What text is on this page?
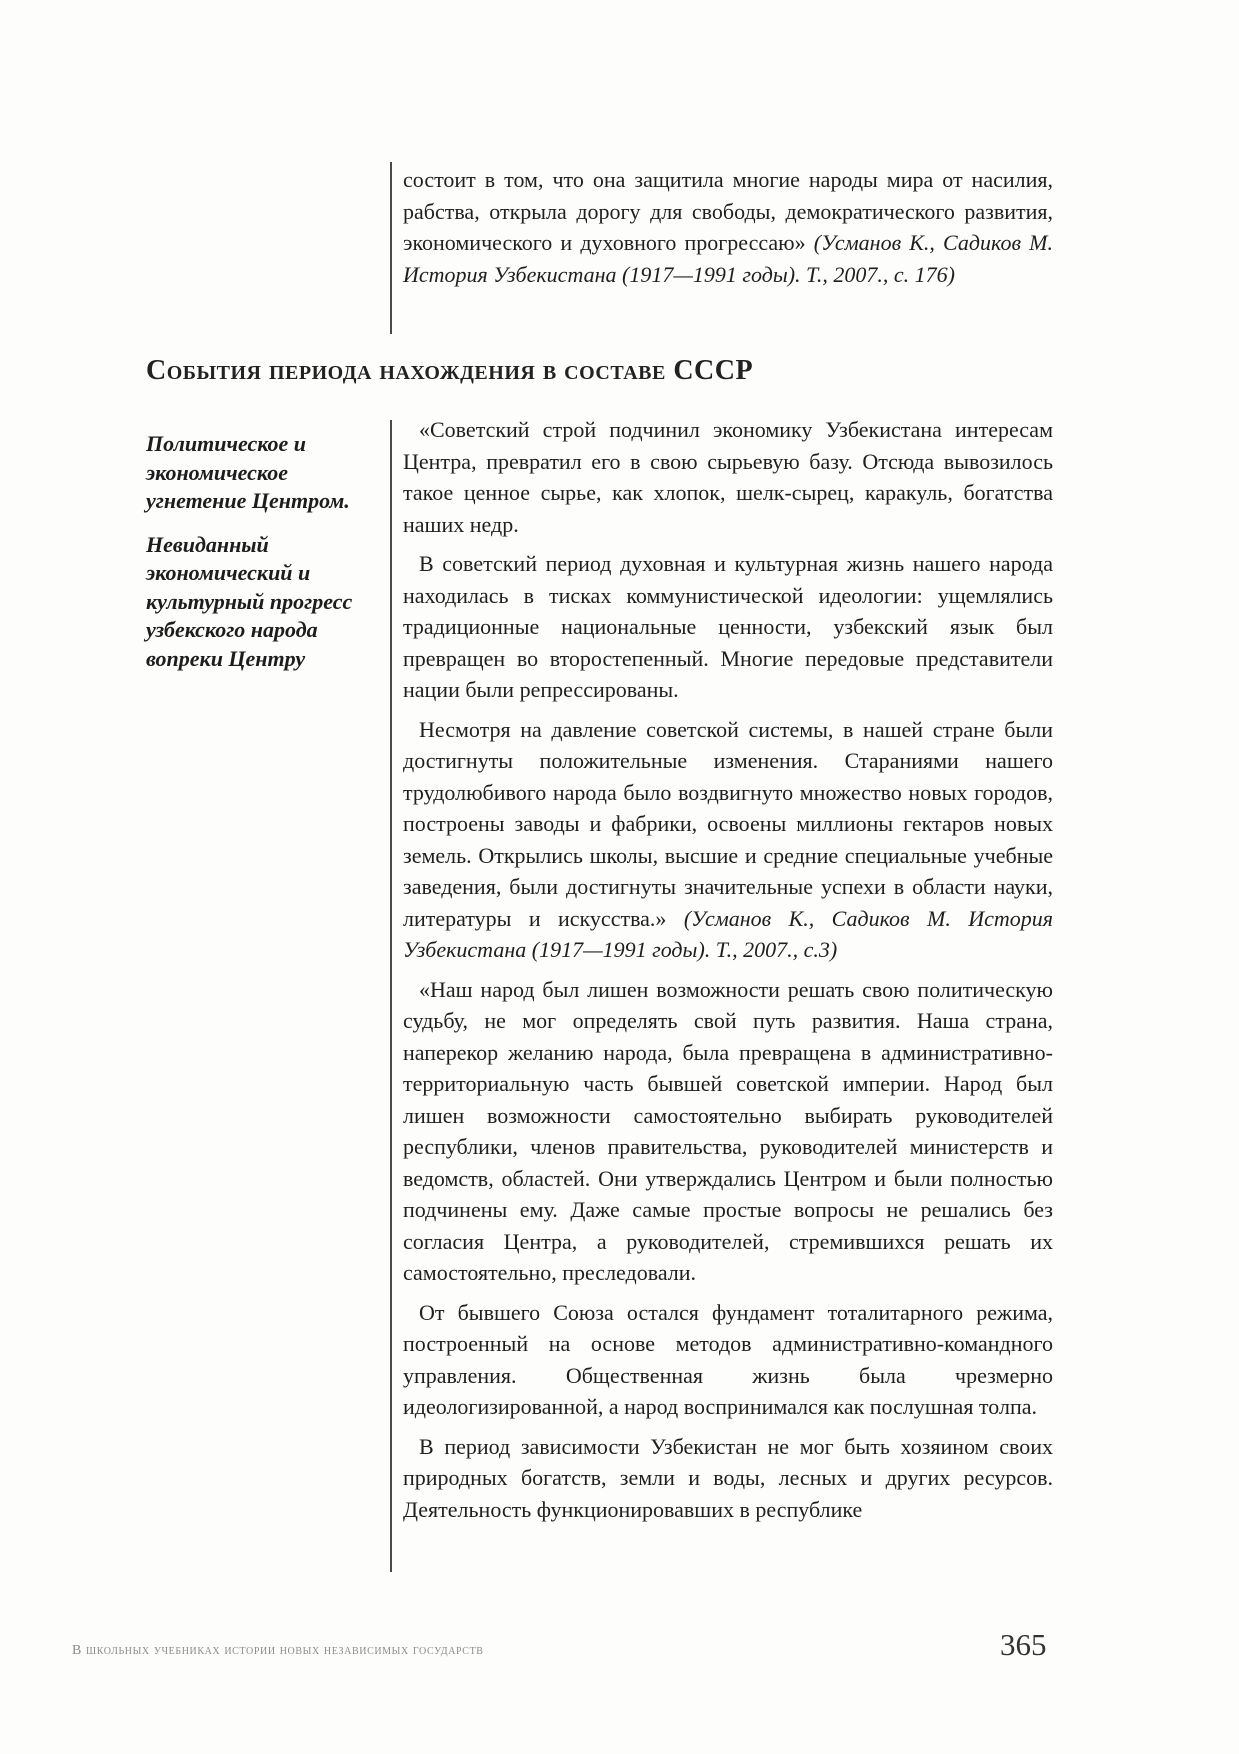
состоит в том, что она защитила многие народы мира от насилия, рабства, открыла дорогу для свободы, демократического развития, экономического и духовного прогрессаю» (Усманов К., Садиков М. История Узбекистана (1917—1991 годы). Т., 2007., с. 176)

События периода нахождения в составе СССР

Политическое и экономическое угнетение Центром.

Невиданный экономический и культурный прогресс узбекского народа вопреки Центру

«Советский строй подчинил экономику Узбекистана интересам Центра, превратил его в свою сырьевую базу. Отсюда вывозилось такое ценное сырье, как хлопок, шелк-сырец, каракуль, богатства наших недр.

В советский период духовная и культурная жизнь нашего народа находилась в тисках коммунистической идеологии: ущемлялись традиционные национальные ценности, узбекский язык был превращен во второстепенный. Многие передовые представители нации были репрессированы.

Несмотря на давление советской системы, в нашей стране были достигнуты положительные изменения. Стараниями нашего трудолюбивого народа было воздвигнуто множество новых городов, построены заводы и фабрики, освоены миллионы гектаров новых земель. Открылись школы, высшие и средние специальные учебные заведения, были достигнуты значительные успехи в области науки, литературы и искусства.» (Усманов К., Садиков М. История Узбекистана (1917—1991 годы). Т., 2007., с.3)

«Наш народ был лишен возможности решать свою политическую судьбу, не мог определять свой путь развития. Наша страна, наперекор желанию народа, была превращена в административно-территориальную часть бывшей советской империи. Народ был лишен возможности самостоятельно выбирать руководителей республики, членов правительства, руководителей министерств и ведомств, областей. Они утверждались Центром и были полностью подчинены ему. Даже самые простые вопросы не решались без согласия Центра, а руководителей, стремившихся решать их самостоятельно, преследовали.

От бывшего Союза остался фундамент тоталитарного режима, построенный на основе методов административно-командного управления. Общественная жизнь была чрезмерно идеологизированной, а народ воспринимался как послушная толпа.

В период зависимости Узбекистан не мог быть хозяином своих природных богатств, земли и воды, лесных и других ресурсов. Деятельность функционировавших в республике

В школьных учебниках истории новых независимых государств	365
